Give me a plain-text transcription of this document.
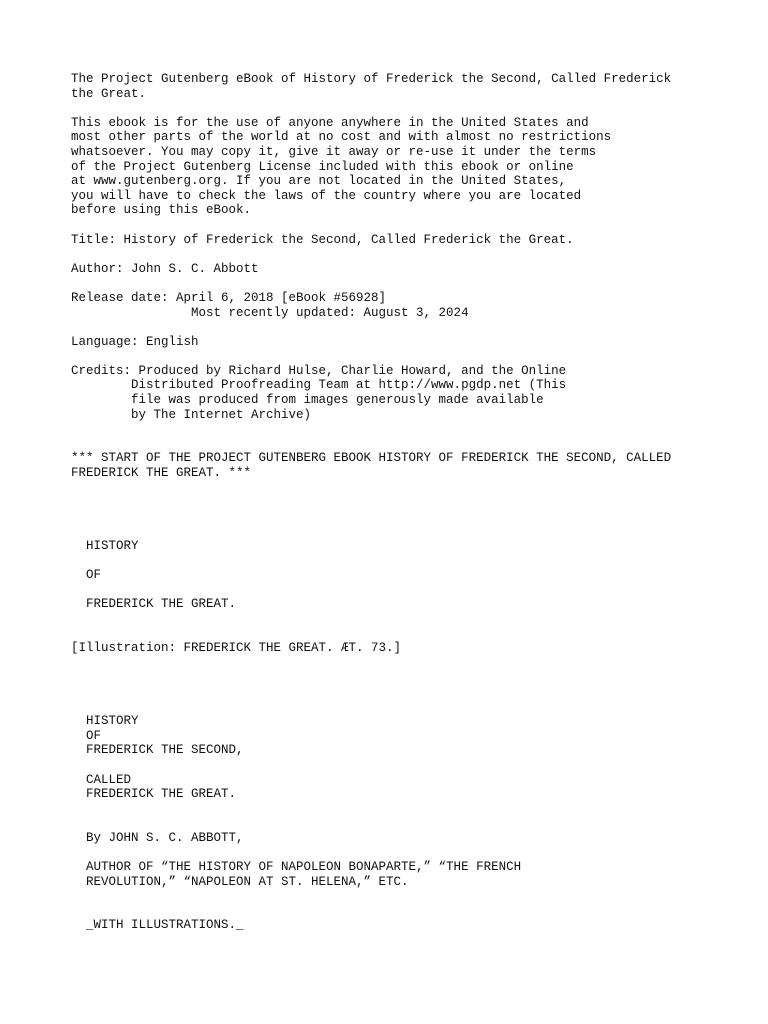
The Project Gutenberg eBook of History of Frederick the Second, Called Frederick
the Great.

This ebook is for the use of anyone anywhere in the United States and
most other parts of the world at no cost and with almost no restrictions
whatsoever. You may copy it, give it away or re-use it under the terms
of the Project Gutenberg License included with this ebook or online
at www.gutenberg.org. If you are not located in the United States,
you will have to check the laws of the country where you are located
before using this eBook.

Title: History of Frederick the Second, Called Frederick the Great.

Author: John S. C. Abbott

Release date: April 6, 2018 [eBook #56928]
Most recently updated: August 3, 2024

Language: English

Credits: Produced by Richard Hulse, Charlie Howard, and the Online
Distributed Proofreading Team at http://www.pgdp.net (This
file was produced from images generously made available
by The Internet Archive)

*** START OF THE PROJECT GUTENBERG EBOOK HISTORY OF FREDERICK THE SECOND, CALLED
FREDERICK THE GREAT. ***

HISTORY

OF

FREDERICK THE GREAT.

[Illustration: FREDERICK THE GREAT. ÆT. 73.]

HISTORY
OF
FREDERICK THE SECOND,

CALLED
FREDERICK THE GREAT.

By JOHN S. C. ABBOTT,

AUTHOR OF “THE HISTORY OF NAPOLEON BONAPARTE,” “THE FRENCH
REVOLUTION,” “NAPOLEON AT ST. HELENA,” ETC.

_WITH ILLUSTRATIONS._
